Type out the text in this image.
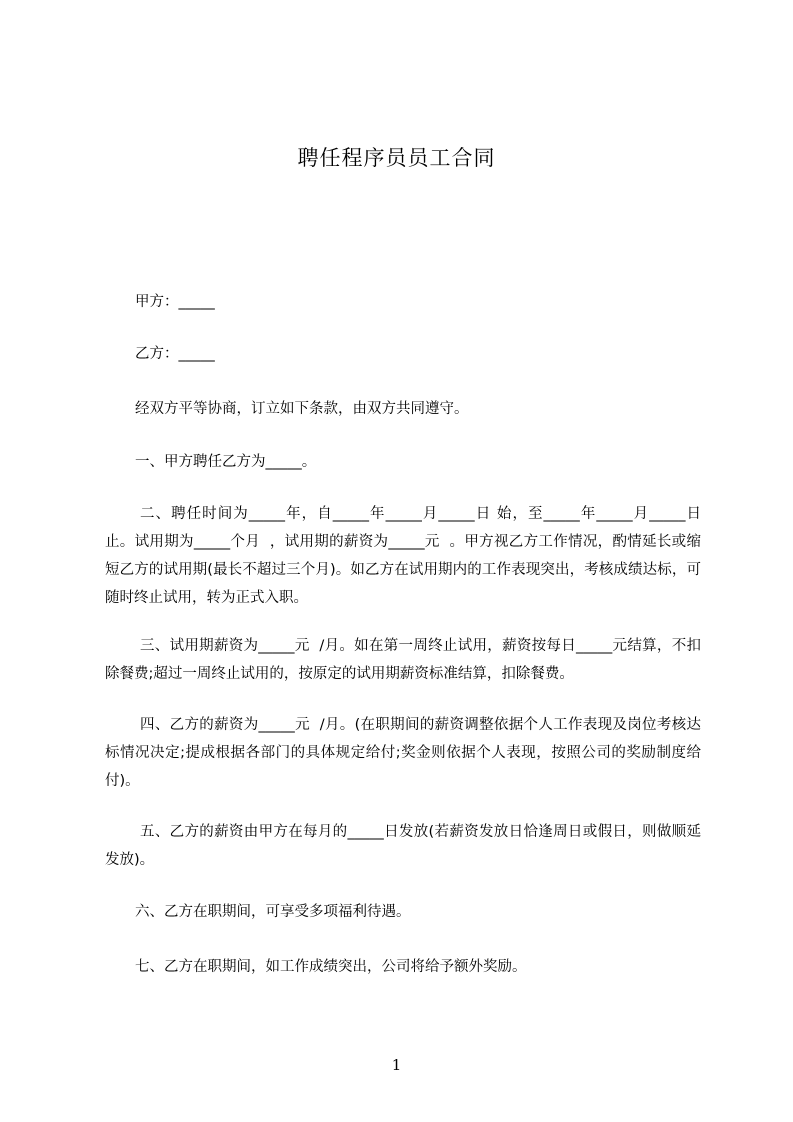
聘任程序员员工合同
甲方：_____
乙方：_____
经双方平等协商，订立如下条款，由双方共同遵守。
一、甲方聘任乙方为_____。
二、聘任时间为_____年，自_____年_____月_____日 始，至_____年_____月_____日 止。试用期为_____个月  ，试用期的薪资为_____元  。甲方视乙方工作情况，酌情延长或缩短乙方的试用期(最长不超过三个月)。如乙方在试用期内的工作表现突出，考核成绩达标，可随时终止试用，转为正式入职。
三、试用期薪资为_____元  /月。如在第一周终止试用，薪资按每日_____元结算，不扣除餐费;超过一周终止试用的，按原定的试用期薪资标准结算，扣除餐费。
四、乙方的薪资为_____元  /月。(在职期间的薪资调整依据个人工作表现及岗位考核达标情况决定;提成根据各部门的具体规定给付;奖金则依据个人表现，按照公司的奖励制度给付)。
五、乙方的薪资由甲方在每月的_____日发放(若薪资发放日恰逢周日或假日，则做顺延发放)。
六、乙方在职期间，可享受多项福利待遇。
七、乙方在职期间，如工作成绩突出，公司将给予额外奖励。
1
